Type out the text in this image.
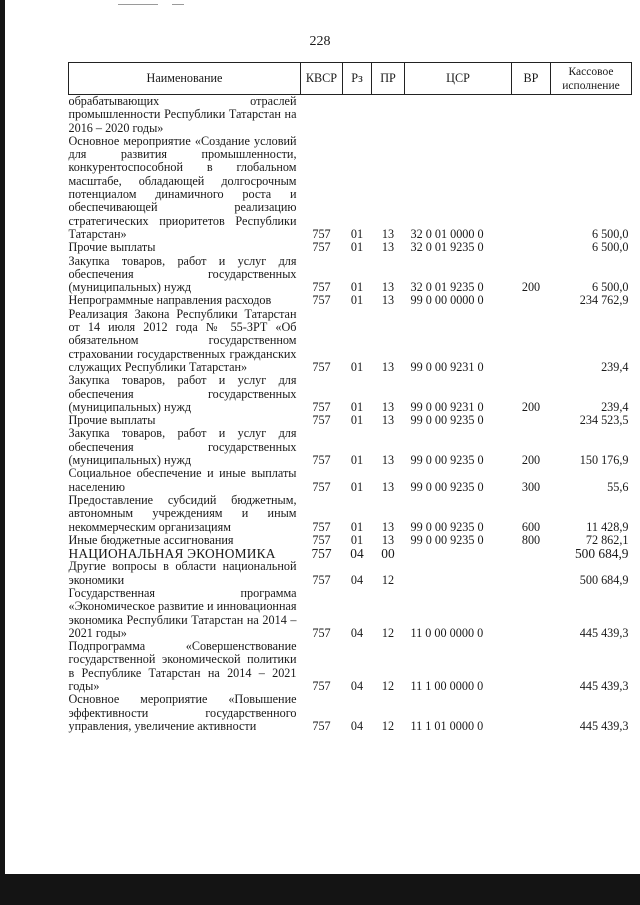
228
Наименование	КВСР	Рз	ПР	ЦСР	ВР	Кассовое исполнение
обрабатывающих отраслей промышленности Республики Татарстан на 2016 – 2020 годы»						
Основное мероприятие «Создание условий для развития промышленности, конкурентоспособной в глобальном масштабе, обладающей долгосрочным потенциалом динамичного роста и обеспечивающей реализацию стратегических приоритетов Республики Татарстан»	757	01	13	32 0 01 0000 0		6 500,0
Прочие выплаты	757	01	13	32 0 01 9235 0		6 500,0
Закупка товаров, работ и услуг для обеспечения государственных (муниципальных) нужд	757	01	13	32 0 01 9235 0	200	6 500,0
Непрограммные направления расходов	757	01	13	99 0 00 0000 0		234 762,9
Реализация Закона Республики Татарстан от 14 июля 2012 года № 55-ЗРТ «Об обязательном государственном страховании государственных гражданских служащих Республики Татарстан»	757	01	13	99 0 00 9231 0		239,4
Закупка товаров, работ и услуг для обеспечения государственных (муниципальных) нужд	757	01	13	99 0 00 9231 0	200	239,4
Прочие выплаты	757	01	13	99 0 00 9235 0		234 523,5
Закупка товаров, работ и услуг для обеспечения государственных (муниципальных) нужд	757	01	13	99 0 00 9235 0	200	150 176,9
Социальное обеспечение и иные выплаты населению	757	01	13	99 0 00 9235 0	300	55,6
Предоставление субсидий бюджетным, автономным учреждениям и иным некоммерческим организациям	757	01	13	99 0 00 9235 0	600	11 428,9
Иные бюджетные ассигнования	757	01	13	99 0 00 9235 0	800	72 862,1
НАЦИОНАЛЬНАЯ ЭКОНОМИКА	757	04	00			500 684,9
Другие вопросы в области национальной экономики	757	04	12			500 684,9
Государственная программа «Экономическое развитие и инновационная экономика Республики Татарстан на 2014 – 2021 годы»	757	04	12	11 0 00 0000 0		445 439,3
Подпрограмма «Совершенствование государственной экономической политики в Республике Татарстан на 2014 – 2021 годы»	757	04	12	11 1 00 0000 0		445 439,3
Основное мероприятие «Повышение эффективности государственного управления, увеличение активности	757	04	12	11 1 01 0000 0		445 439,3
